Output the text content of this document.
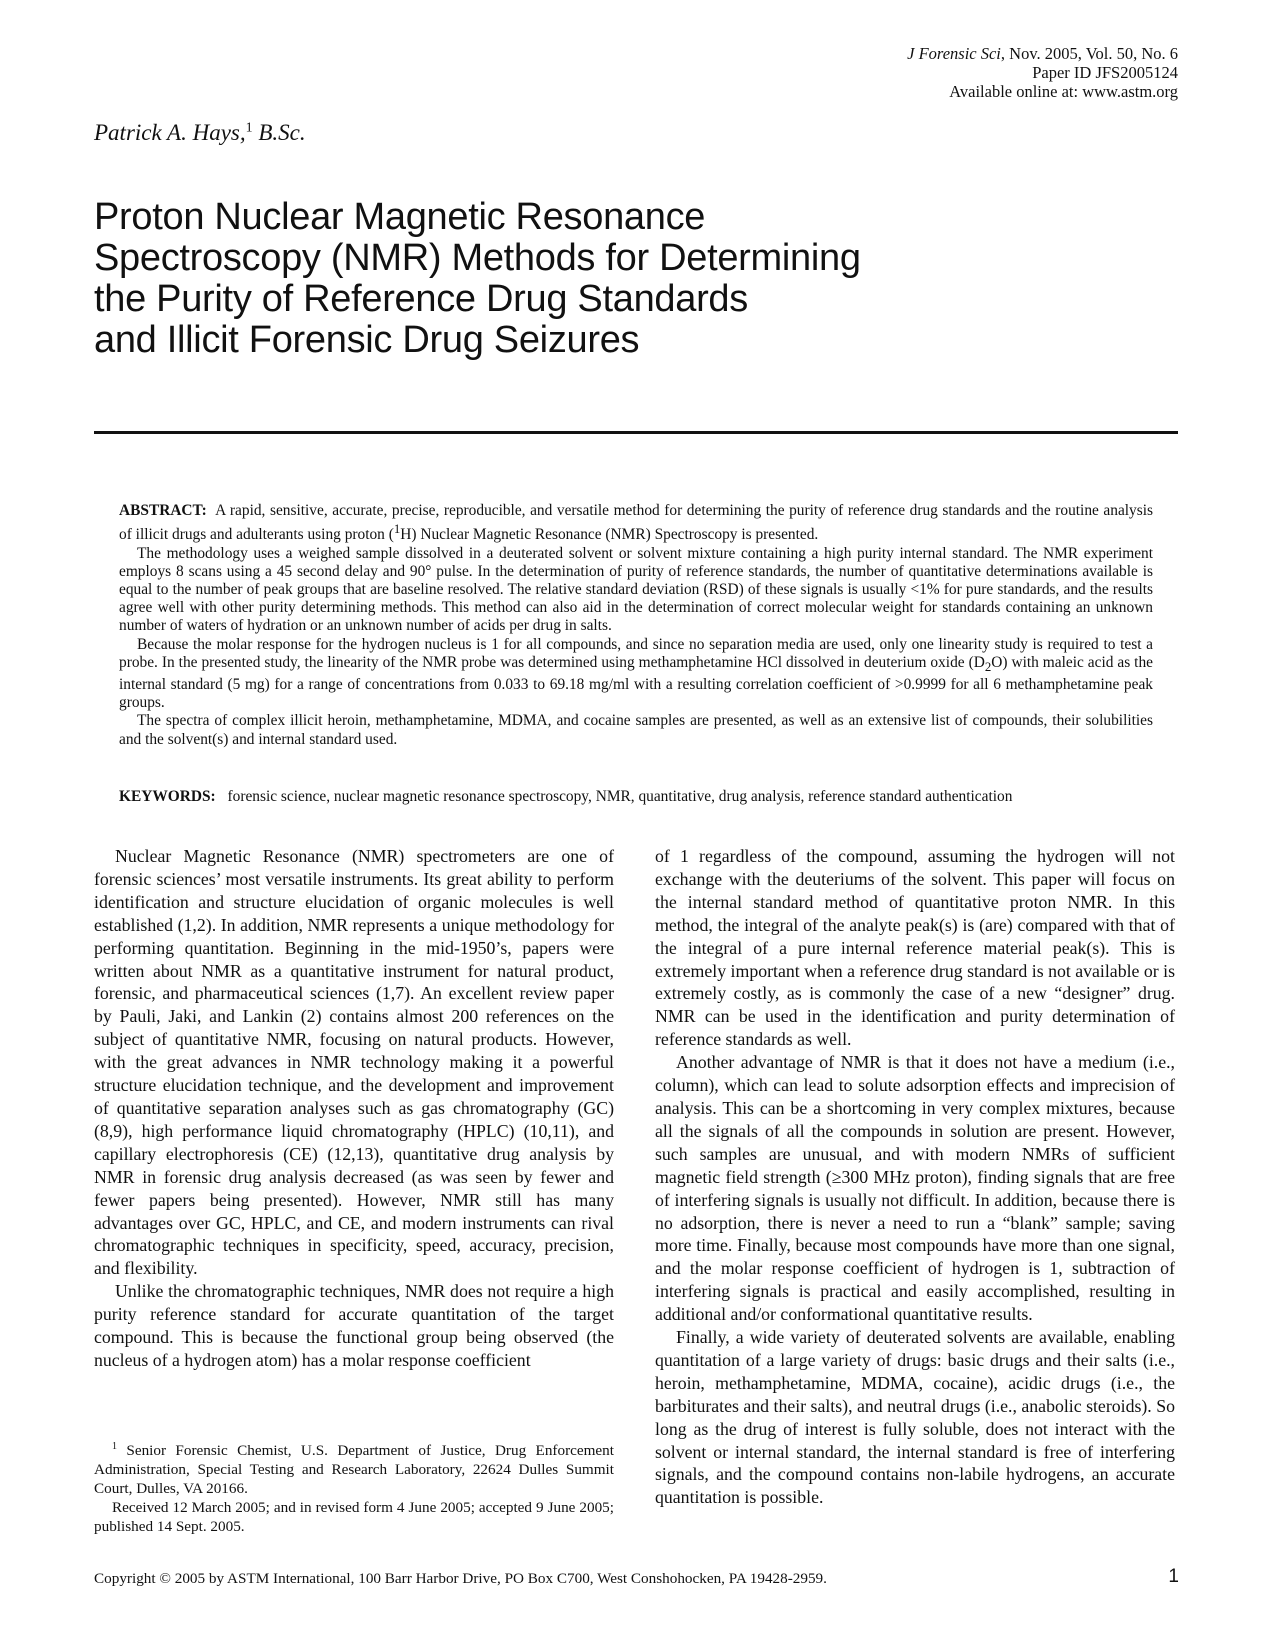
J Forensic Sci, Nov. 2005, Vol. 50, No. 6
Paper ID JFS2005124
Available online at: www.astm.org
Patrick A. Hays,$^1$ B.Sc.
Proton Nuclear Magnetic Resonance
Spectroscopy (NMR) Methods for Determining
the Purity of Reference Drug Standards
and Illicit Forensic Drug Seizures

ABSTRACT: A rapid, sensitive, accurate, precise, reproducible, and versatile method for determining the purity of reference drug standards and the routine analysis of illicit drugs and adulterants using proton ($^1$H) Nuclear Magnetic Resonance (NMR) Spectroscopy is presented.

The methodology uses a weighed sample dissolved in a deuterated solvent or solvent mixture containing a high purity internal standard. The NMR experiment employs 8 scans using a 45 second delay and 90° pulse. In the determination of purity of reference standards, the number of quantitative determinations available is equal to the number of peak groups that are baseline resolved. The relative standard deviation (RSD) of these signals is usually <1% for pure standards, and the results agree well with other purity determining methods. This method can also aid in the determination of correct molecular weight for standards containing an unknown number of waters of hydration or an unknown number of acids per drug in salts.

Because the molar response for the hydrogen nucleus is 1 for all compounds, and since no separation media are used, only one linearity study is required to test a probe. In the presented study, the linearity of the NMR probe was determined using methamphetamine HCl dissolved in deuterium oxide $(D_2O)$ with maleic acid as the internal standard (5 mg) for a range of concentrations from 0.033 to 69.18 mg/ml with a resulting correlation coefficient of >0.9999 for all 6 methamphetamine peak groups.

The spectra of complex illicit heroin, methamphetamine, MDMA, and cocaine samples are presented, as well as an extensive list of compounds, their solubilities and the solvent(s) and internal standard used.

KEYWORDS: forensic science, nuclear magnetic resonance spectroscopy, NMR, quantitative, drug analysis, reference standard authentication

Nuclear Magnetic Resonance (NMR) spectrometers are one of forensic sciences’ most versatile instruments. Its great ability to perform identification and structure elucidation of organic molecules is well established (1,2). In addition, NMR represents a unique methodology for performing quantitation. Beginning in the mid-1950’s, papers were written about NMR as a quantitative instrument for natural product, forensic, and pharmaceutical sciences (1,7). An excellent review paper by Pauli, Jaki, and Lankin (2) contains almost 200 references on the subject of quantitative NMR, focusing on natural products. However, with the great advances in NMR technology making it a powerful structure elucidation technique, and the development and improvement of quantitative separation analyses such as gas chromatography (GC) (8,9), high performance liquid chromatography (HPLC) (10,11), and capillary electrophoresis (CE) (12,13), quantitative drug analysis by NMR in forensic drug analysis decreased (as was seen by fewer and fewer papers being presented). However, NMR still has many advantages over GC, HPLC, and CE, and modern instruments can rival chromatographic techniques in specificity, speed, accuracy, precision, and flexibility.

Unlike the chromatographic techniques, NMR does not require a high purity reference standard for accurate quantitation of the target compound. This is because the functional group being observed (the nucleus of a hydrogen atom) has a molar response coefficient

of 1 regardless of the compound, assuming the hydrogen will not exchange with the deuteriums of the solvent. This paper will focus on the internal standard method of quantitative proton NMR. In this method, the integral of the analyte peak(s) is (are) compared with that of the integral of a pure internal reference material peak(s). This is extremely important when a reference drug standard is not available or is extremely costly, as is commonly the case of a new “designer” drug. NMR can be used in the identification and purity determination of reference standards as well.

Another advantage of NMR is that it does not have a medium (i.e., column), which can lead to solute adsorption effects and imprecision of analysis. This can be a shortcoming in very complex mixtures, because all the signals of all the compounds in solution are present. However, such samples are unusual, and with modern NMRs of sufficient magnetic field strength (≥300 MHz proton), finding signals that are free of interfering signals is usually not difficult. In addition, because there is no adsorption, there is never a need to run a “blank” sample; saving more time. Finally, because most compounds have more than one signal, and the molar response coefficient of hydrogen is 1, subtraction of interfering signals is practical and easily accomplished, resulting in additional and/or conformational quantitative results.

Finally, a wide variety of deuterated solvents are available, enabling quantitation of a large variety of drugs: basic drugs and their salts (i.e., heroin, methamphetamine, MDMA, cocaine), acidic drugs (i.e., the barbiturates and their salts), and neutral drugs (i.e., anabolic steroids). So long as the drug of interest is fully soluble, does not interact with the solvent or internal standard, the internal standard is free of interfering signals, and the compound contains non-labile hydrogens, an accurate quantitation is possible.

$^1$ Senior Forensic Chemist, U.S. Department of Justice, Drug Enforcement Administration, Special Testing and Research Laboratory, 22624 Dulles Summit Court, Dulles, VA 20166.

Received 12 March 2005; and in revised form 4 June 2005; accepted 9 June 2005; published 14 Sept. 2005.

Copyright © 2005 by ASTM International, 100 Barr Harbor Drive, PO Box C700, West Conshohocken, PA 19428-2959.	1
